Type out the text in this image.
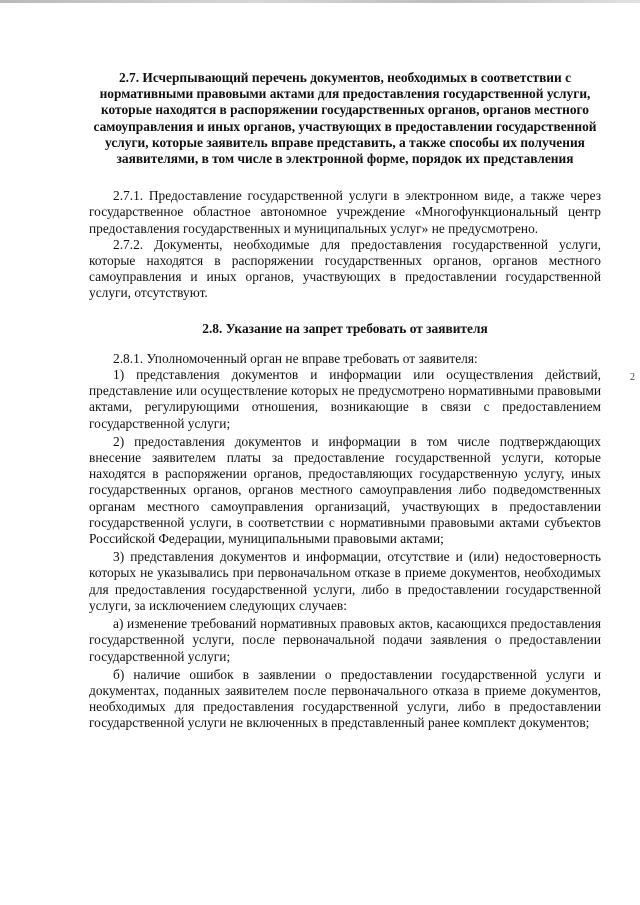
2.7. Исчерпывающий перечень документов, необходимых в соответствии с нормативными правовыми актами для предоставления государственной услуги, которые находятся в распоряжении государственных органов, органов местного самоуправления и иных органов, участвующих в предоставлении государственной услуги, которые заявитель вправе представить, а также способы их получения заявителями, в том числе в электронной форме, порядок их представления

2.7.1. Предоставление государственной услуги в электронном виде, а также через государственное областное автономное учреждение «Многофункциональный центр предоставления государственных и муниципальных услуг» не предусмотрено.

2.7.2. Документы, необходимые для предоставления государственной услуги, которые находятся в распоряжении государственных органов, органов местного самоуправления и иных органов, участвующих в предоставлении государственной услуги, отсутствуют.

2.8. Указание на запрет требовать от заявителя

2.8.1. Уполномоченный орган не вправе требовать от заявителя:

1) представления документов и информации или осуществления действий, представление или осуществление которых не предусмотрено нормативными правовыми актами, регулирующими отношения, возникающие в связи с предоставлением государственной услуги;

2) предоставления документов и информации в том числе подтверждающих внесение заявителем платы за предоставление государственной услуги, которые находятся в распоряжении органов, предоставляющих государственную услугу, иных государственных органов, органов местного самоуправления либо подведомственных органам местного самоуправления организаций, участвующих в предоставлении государственной услуги, в соответствии с нормативными правовыми актами субъектов Российской Федерации, муниципальными правовыми актами;

3) представления документов и информации, отсутствие и (или) недостоверность которых не указывались при первоначальном отказе в приеме документов, необходимых для предоставления государственной услуги, либо в предоставлении государственной услуги, за исключением следующих случаев:

а) изменение требований нормативных правовых актов, касающихся предоставления государственной услуги, после первоначальной подачи заявления о предоставлении государственной услуги;

б) наличие ошибок в заявлении о предоставлении государственной услуги и документах, поданных заявителем после первоначального отказа в приеме документов, необходимых для предоставления государственной услуги, либо в предоставлении государственной услуги не включенных в представленный ранее комплект документов;

2
